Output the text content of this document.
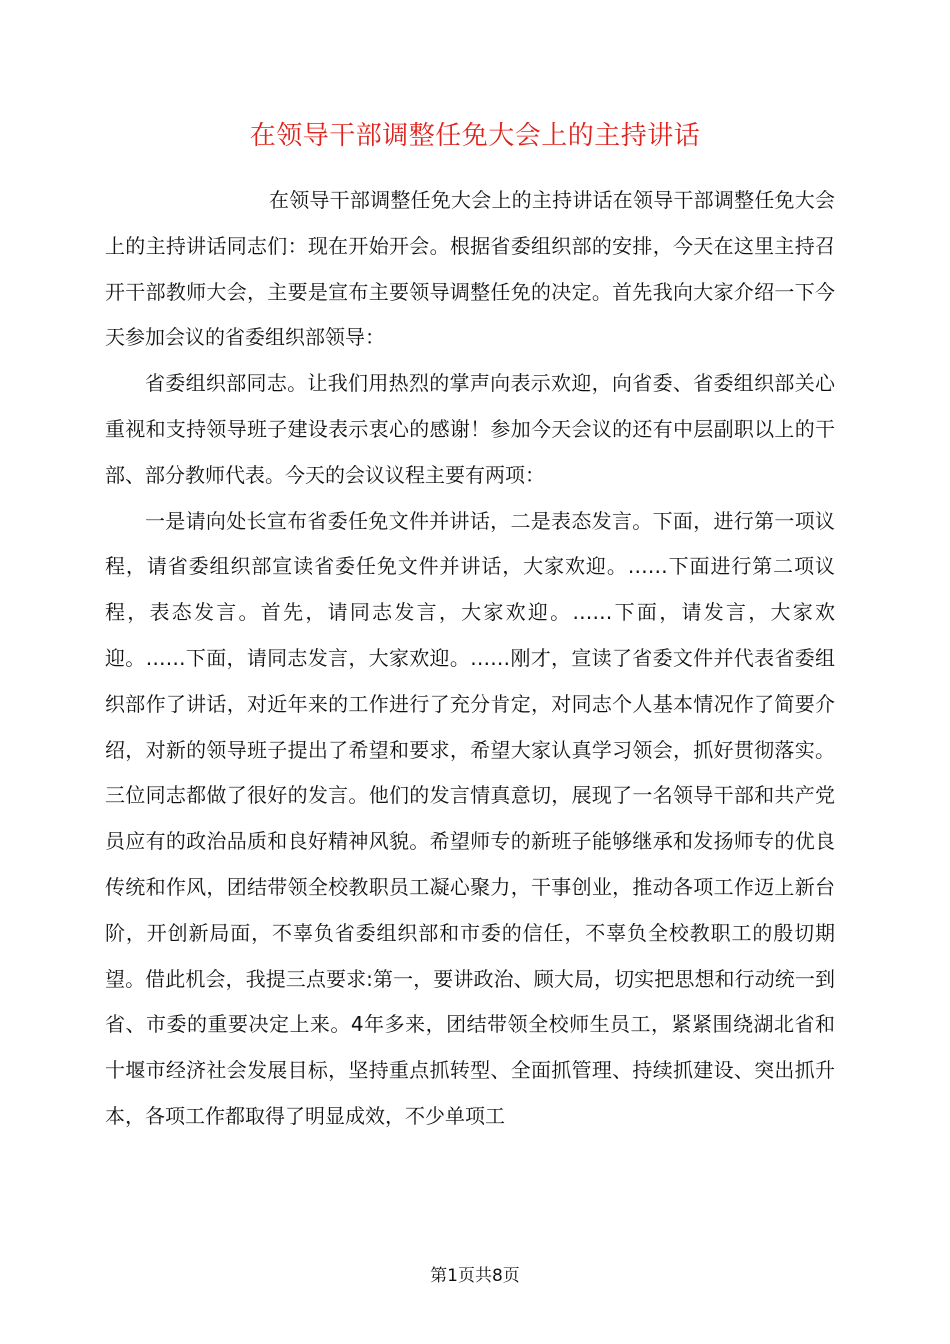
在领导干部调整任免大会上的主持讲话

在领导干部调整任免大会上的主持讲话在领导干部调整任免大会上的主持讲话同志们：现在开始开会。根据省委组织部的安排，今天在这里主持召开干部教师大会，主要是宣布主要领导调整任免的决定。首先我向大家介绍一下今天参加会议的省委组织部领导：

省委组织部同志。让我们用热烈的掌声向表示欢迎，向省委、省委组织部关心重视和支持领导班子建设表示衷心的感谢！参加今天会议的还有中层副职以上的干部、部分教师代表。今天的会议议程主要有两项：

一是请向处长宣布省委任免文件并讲话，二是表态发言。下面，进行第一项议程，请省委组织部宣读省委任免文件并讲话，大家欢迎。……下面进行第二项议程，表态发言。首先，请同志发言，大家欢迎。……下面，请发言，大家欢迎。……下面，请同志发言，大家欢迎。……刚才，宣读了省委文件并代表省委组织部作了讲话，对近年来的工作进行了充分肯定，对同志个人基本情况作了简要介绍，对新的领导班子提出了希望和要求，希望大家认真学习领会，抓好贯彻落实。三位同志都做了很好的发言。他们的发言情真意切，展现了一名领导干部和共产党员应有的政治品质和良好精神风貌。希望师专的新班子能够继承和发扬师专的优良传统和作风，团结带领全校教职员工凝心聚力，干事创业，推动各项工作迈上新台阶，开创新局面，不辜负省委组织部和市委的信任，不辜负全校教职工的殷切期望。借此机会，我提三点要求:第一，要讲政治、顾大局，切实把思想和行动统一到省、市委的重要决定上来。4年多来，团结带领全校师生员工，紧紧围绕湖北省和十堰市经济社会发展目标，坚持重点抓转型、全面抓管理、持续抓建设、突出抓升本，各项工作都取得了明显成效，不少单项工

第1页共8页
